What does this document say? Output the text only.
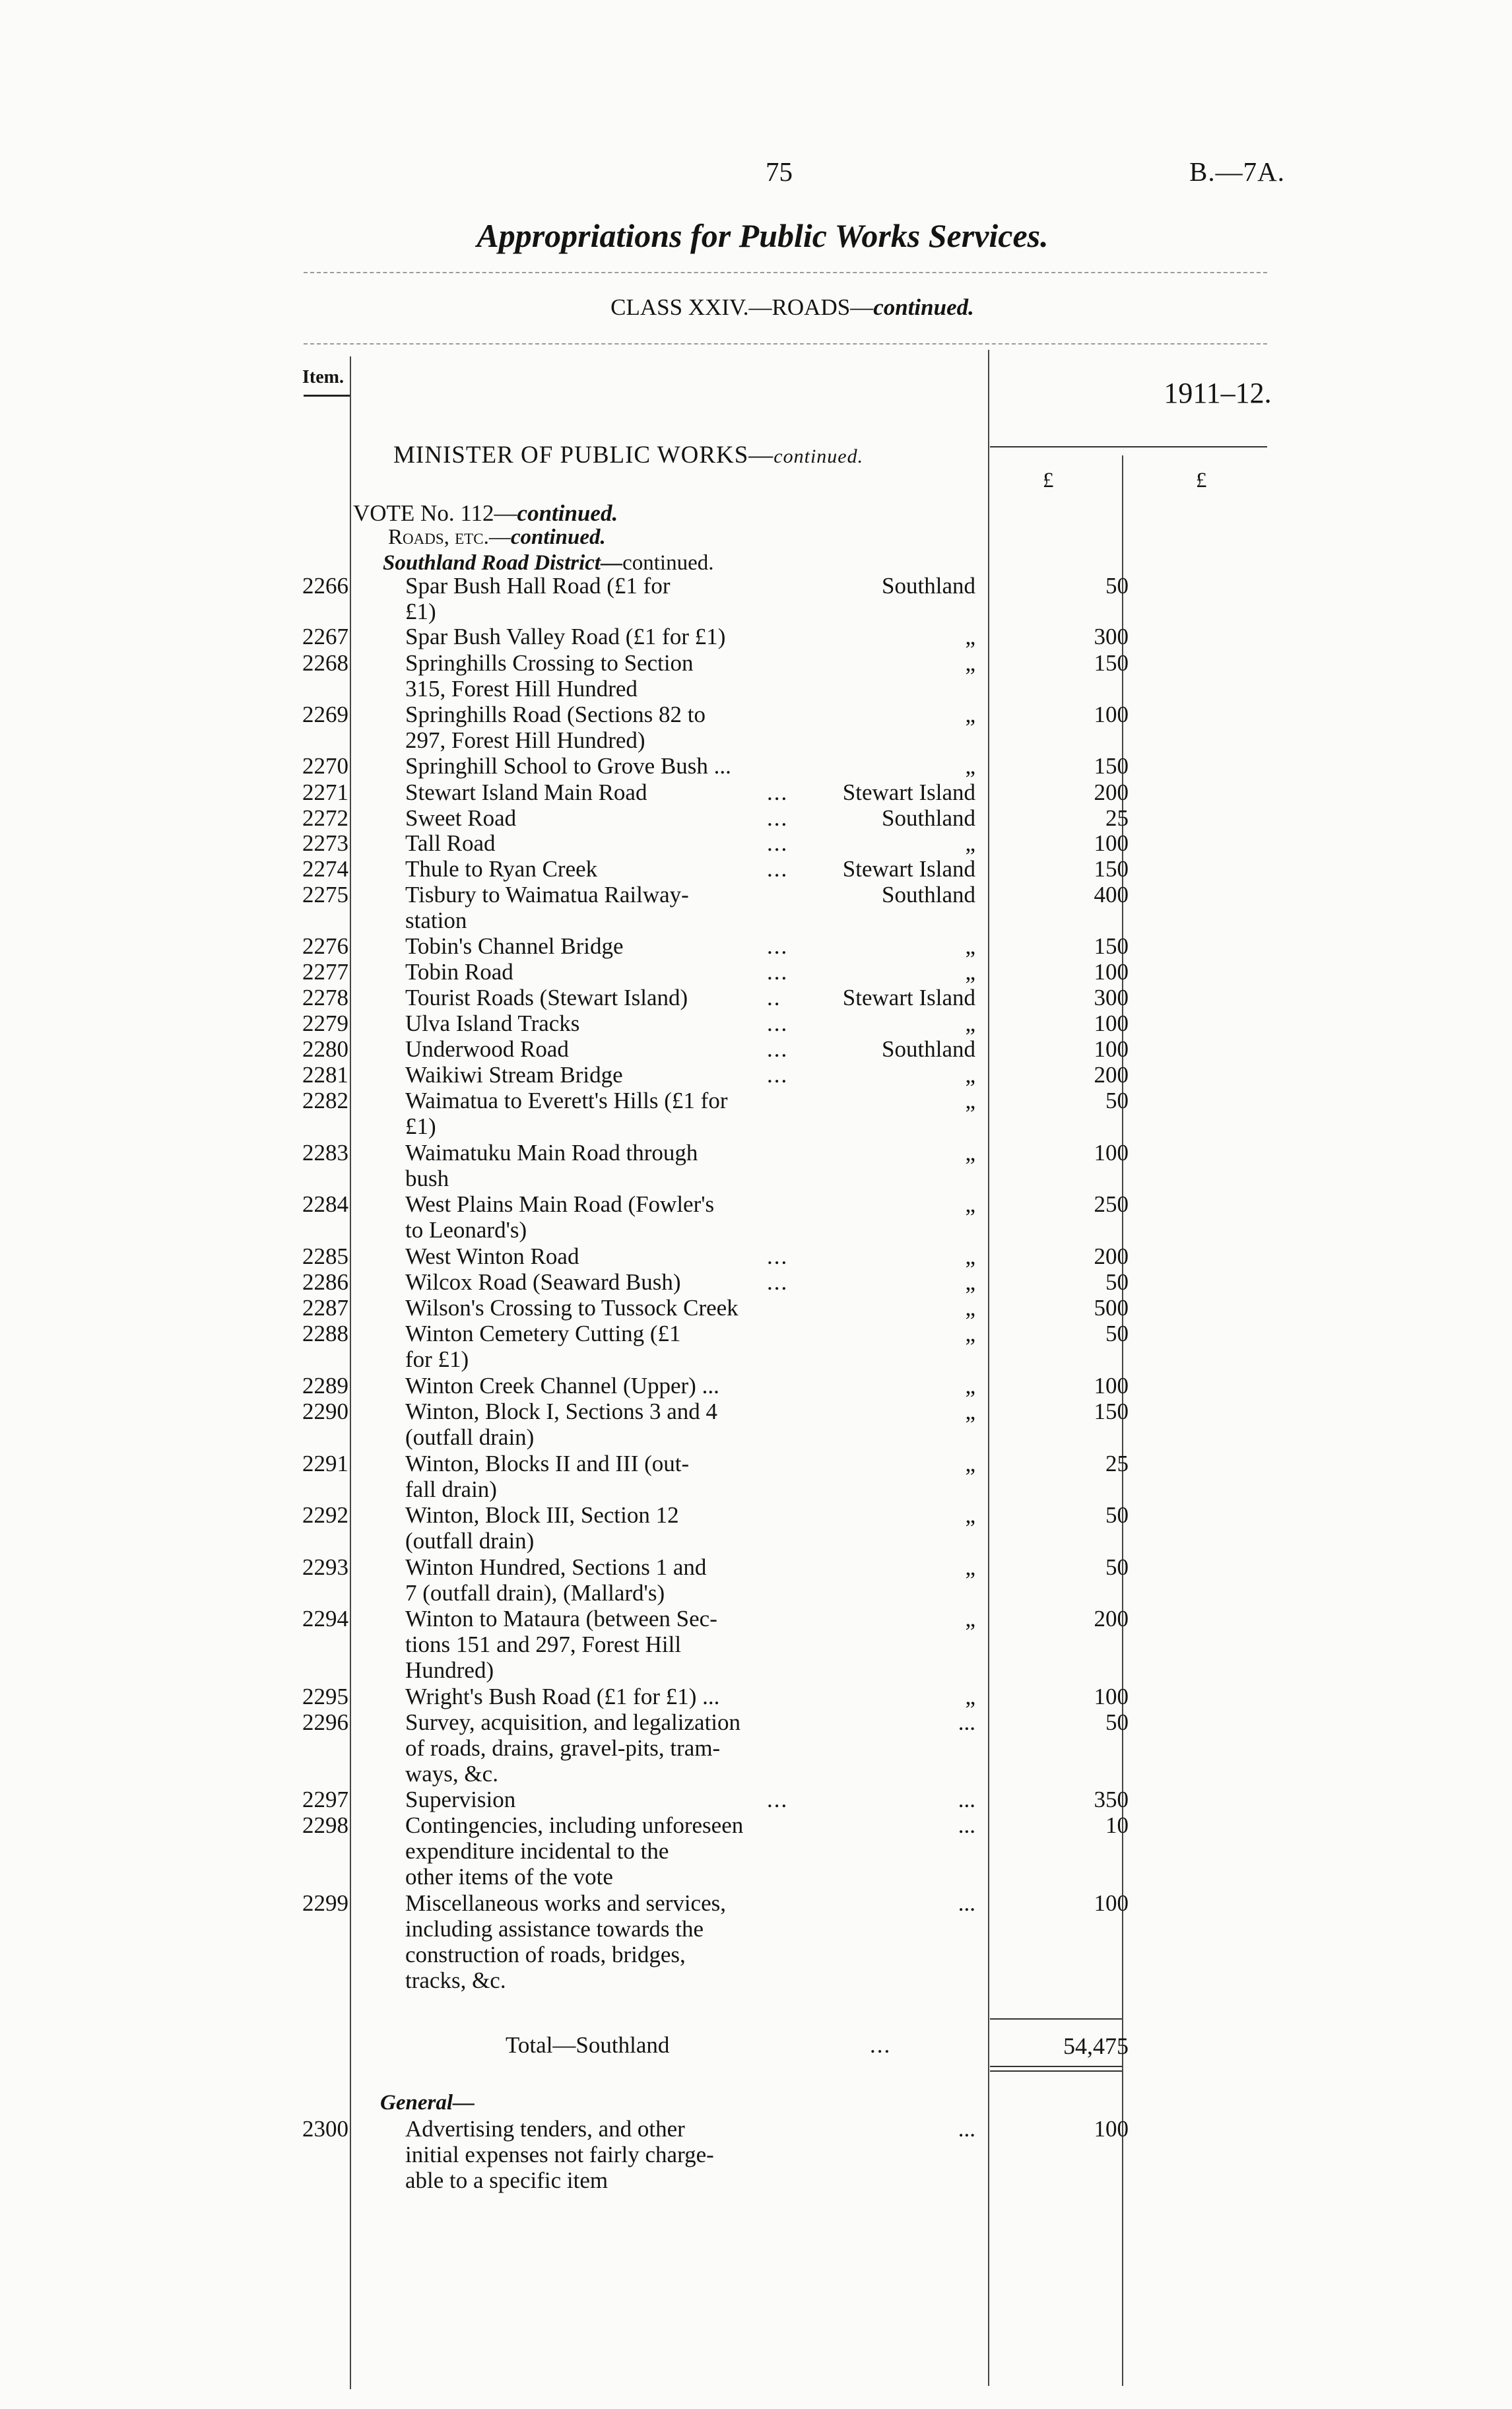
75	B.—7A.
Appropriations for Public Works Services.
CLASS XXIV.—ROADS—continued.
Item.	1911–12.
£	£
MINISTER OF PUBLIC WORKS—continued.
VOTE No. 112—continued.
Roads, etc.—continued.
Southland Road District—continued.
2266 Spar Bush Hall Road (£1 for
£1)
Southland	50
2267 Spar Bush Valley Road (£1 for £1)	„	300
2268 Springhills Crossing to Section
315, Forest Hill Hundred
„	150
2269 Springhills Road (Sections 82 to
297, Forest Hill Hundred)
„	100
2270 Springhill School to Grove Bush ...	„	150
2271 Stewart Island Main Road	...	Stewart Island	200
2272 Sweet Road	...	Southland	25
2273 Tall Road	...	„	100
2274 Thule to Ryan Creek	...	Stewart Island	150
2275 Tisbury to Waimatua Railway-
station
Southland	400
2276 Tobin's Channel Bridge	...	„	150
2277 Tobin Road	...	„	100
2278 Tourist Roads (Stewart Island)	..	Stewart Island	300
2279 Ulva Island Tracks	...	„	100
2280 Underwood Road	...	Southland	100
2281 Waikiwi Stream Bridge	...	„	200
2282 Waimatua to Everett's Hills (£1 for
£1)
„	50
2283 Waimatuku Main Road through
bush
„	100
2284 West Plains Main Road (Fowler's
to Leonard's)
„	250
2285 West Winton Road	...	„	200
2286 Wilcox Road (Seaward Bush)	...	„	50
2287 Wilson's Crossing to Tussock Creek	„	500
2288 Winton Cemetery Cutting (£1
for £1)
„	50
2289 Winton Creek Channel (Upper) ...	„	100
2290 Winton, Block I, Sections 3 and 4
(outfall drain)
„	150
2291 Winton, Blocks II and III (out-
fall drain)
„	25
2292 Winton, Block III, Section 12
(outfall drain)
„	50
2293 Winton Hundred, Sections 1 and
7 (outfall drain), (Mallard's)
„	50
2294 Winton to Mataura (between Sec-
tions 151 and 297, Forest Hill
Hundred)
„	200
2295 Wright's Bush Road (£1 for £1) ...	„	100
2296 Survey, acquisition, and legalization
of roads, drains, gravel-pits, tram-
ways, &c.
...	50
2297 Supervision	...	...	350
2298 Contingencies, including unforeseen
expenditure incidental to the
other items of the vote
...	10
2299 Miscellaneous works and services,
including assistance towards the
construction of roads, bridges,
tracks, &c.
...	100
Total—Southland	...	54,475
General—
2300 Advertising tenders, and other
initial expenses not fairly charge-
able to a specific item
...	100
